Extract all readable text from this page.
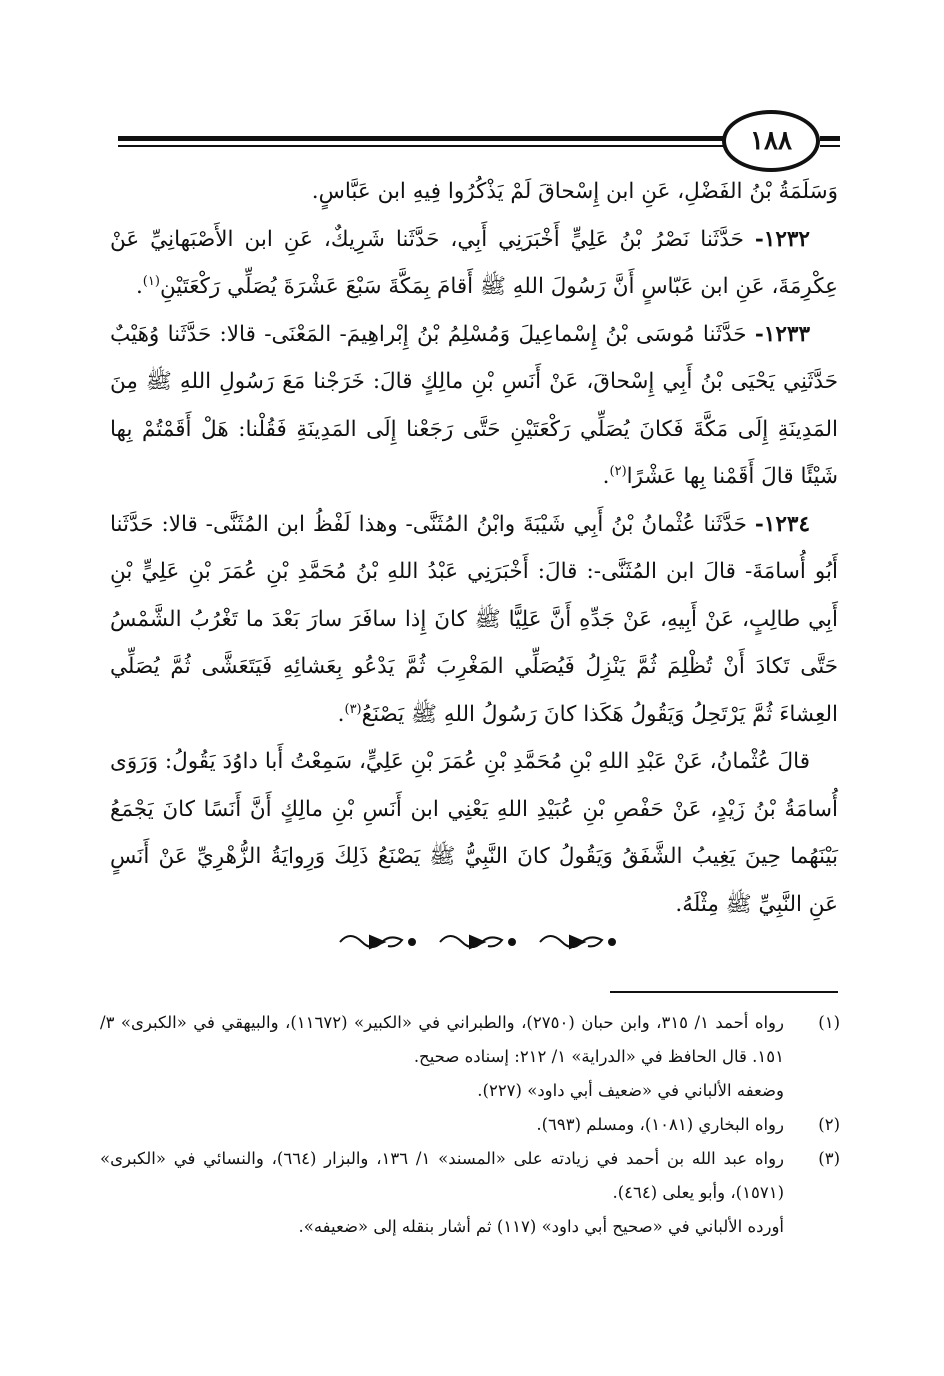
١٨٨

وَسَلَمَةُ بْنُ الفَضْلِ، عَنِ ابن إِسْحاقَ لَمْ يَذْكُرُوا فِيهِ ابن عَبَّاسٍ.

١٢٣٢- حَدَّثَنا نَصْرُ بْنُ عَلِيٍّ أَخْبَرَنِي أَبِي، حَدَّثَنا شَرِيكٌ، عَنِ ابن الأَصْبَهانِيِّ عَنْ عِكْرِمَةَ، عَنِ ابن عَبّاسٍ أَنَّ رَسُولَ اللهِ ﷺ أَقامَ بِمَكَّةَ سَبْعَ عَشْرَةَ يُصَلِّي رَكْعَتَيْنِ$^{(١)}$.

١٢٣٣- حَدَّثَنا مُوسَى بْنُ إِسْماعِيلَ وَمُسْلِمُ بْنُ إِبْراهِيمَ- المَعْنَى- قالا: حَدَّثَنا وُهَيْبٌ حَدَّثَنِي يَحْيَى بْنُ أَبِي إِسْحاقَ، عَنْ أَنَسِ بْنِ مالِكٍ قالَ: خَرَجْنا مَعَ رَسُولِ اللهِ ﷺ مِنَ المَدِينَةِ إِلَى مَكَّةَ فَكانَ يُصَلِّي رَكْعَتَيْنِ حَتَّى رَجَعْنا إِلَى المَدِينَةِ فَقُلْنا: هَلْ أَقَمْتُمْ بِها شَيْئًا قالَ أَقَمْنا بِها عَشْرًا$^{(٢)}$.

١٢٣٤- حَدَّثَنا عُثْمانُ بْنُ أَبِي شَيْبَةَ وابْنُ المُثَنَّى- وهذا لَفْظُ ابن المُثَنَّى- قالا: حَدَّثَنا أَبُو أُسامَةَ- قالَ ابن المُثَنَّى-: قالَ: أَخْبَرَنِي عَبْدُ اللهِ بْنُ مُحَمَّدِ بْنِ عُمَرَ بْنِ عَلِيٍّ بْنِ أَبِي طالِبٍ، عَنْ أَبِيهِ، عَنْ جَدِّهِ أَنَّ عَلِيًّا ﷺ كانَ إِذا سافَرَ سارَ بَعْدَ ما تَغْرُبُ الشَّمْسُ حَتَّى تَكادَ أَنْ تُظْلِمَ ثُمَّ يَنْزِلُ فَيُصَلِّي المَغْرِبَ ثُمَّ يَدْعُو بِعَشائِهِ فَيَتَعَشَّى ثُمَّ يُصَلِّي العِشاءَ ثُمَّ يَرْتَحِلُ وَيَقُولُ هَكَذا كانَ رَسُولُ اللهِ ﷺ يَصْنَعُ$^{(٣)}$.

قالَ عُثْمانُ، عَنْ عَبْدِ اللهِ بْنِ مُحَمَّدِ بْنِ عُمَرَ بْنِ عَلِيٍّ، سَمِعْتُ أَبا داوُدَ يَقُولُ: وَرَوَى أُسامَةُ بْنُ زَيْدٍ، عَنْ حَفْصِ بْنِ عُبَيْدِ اللهِ يَعْنِي ابن أَنَسِ بْنِ مالِكٍ أَنَّ أَنَسًا كانَ يَجْمَعُ بَيْنَهُما حِينَ يَغِيبُ الشَّفَقُ وَيَقُولُ كانَ النَّبِيُّ ﷺ يَصْنَعُ ذَلِكَ وَرِوايَةُ الزُّهْرِيِّ عَنْ أَنَسٍ عَنِ النَّبِيِّ ﷺ مِثْلَهُ.

(١)
رواه أحمد ١/ ٣١٥، وابن حبان (٢٧٥٠)، والطبراني في «الكبير» (١١٦٧٢)، والبيهقي في «الكبرى» ٣/ ١٥١. قال الحافظ في «الدراية» ١/ ٢١٢: إسناده صحيح.
وضعفه الألباني في «ضعيف أبي داود» (٢٢٧).
(٢)
رواه البخاري (١٠٨١)، ومسلم (٦٩٣).
(٣)
رواه عبد الله بن أحمد في زيادته على «المسند» ١/ ١٣٦، والبزار (٦٦٤)، والنسائي في «الكبرى» (١٥٧١)، وأبو يعلى (٤٦٤).
أورده الألباني في «صحيح أبي داود» (١١٧) ثم أشار بنقله إلى «ضعيفه».
